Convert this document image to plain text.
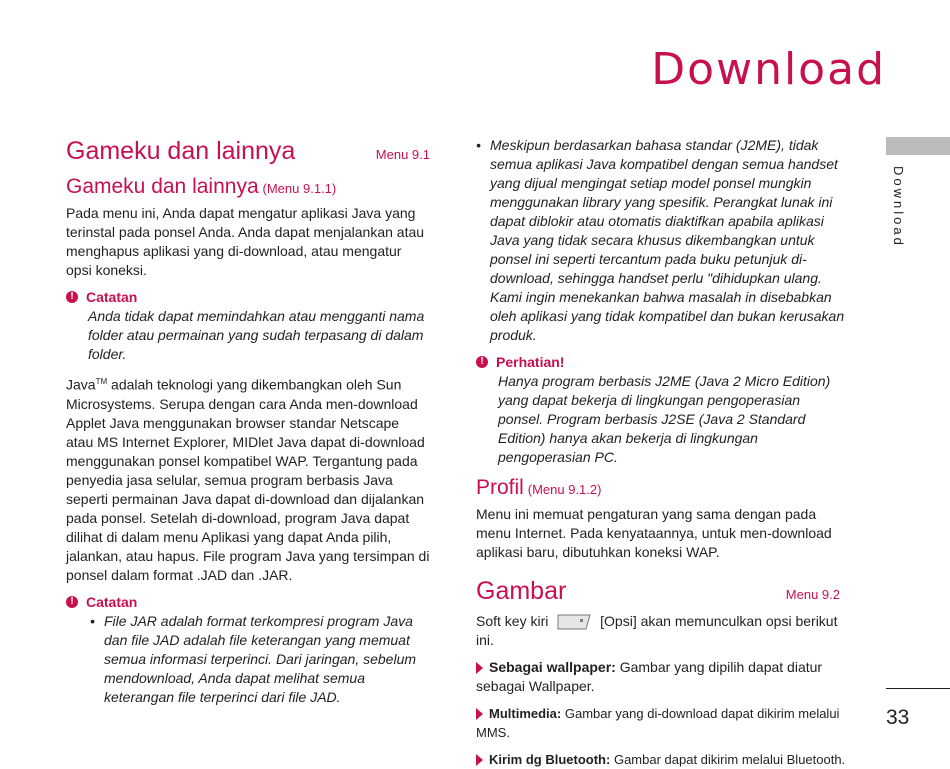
Download
Download
33
Gameku dan lainnya	Menu 9.1
Gameku dan lainnya (Menu 9.1.1)

Pada menu ini, Anda dapat mengatur aplikasi Java yang terinstal pada ponsel Anda. Anda dapat menjalankan atau menghapus aplikasi yang di-download, atau mengatur opsi koneksi.

! Catatan

Anda tidak dapat memindahkan atau mengganti nama folder atau permainan yang sudah terpasang di dalam folder.

Java™ adalah teknologi yang dikembangkan oleh Sun Microsystems. Serupa dengan cara Anda men-download Applet Java menggunakan browser standar Netscape atau MS Internet Explorer, MIDlet Java dapat di-download menggunakan ponsel kompatibel WAP. Tergantung pada penyedia jasa selular, semua program berbasis Java seperti permainan Java dapat di-download dan dijalankan pada ponsel. Setelah di-download, program Java dapat dilihat di dalam menu Aplikasi yang dapat Anda pilih, jalankan, atau hapus. File program Java yang tersimpan di ponsel dalam format .JAD dan .JAR.

! Catatan

• File JAR adalah format terkompresi program Java dan file JAD adalah file keterangan yang memuat semua informasi terperinci. Dari jaringan, sebelum mendownload, Anda dapat melihat semua keterangan file terperinci dari file JAD.

• Meskipun berdasarkan bahasa standar (J2ME), tidak semua aplikasi Java kompatibel dengan semua handset yang dijual mengingat setiap model ponsel mungkin menggunakan library yang spesifik. Perangkat lunak ini dapat diblokir atau otomatis diaktifkan apabila aplikasi Java yang tidak secara khusus dikembangkan untuk ponsel ini seperti tercantum pada buku petunjuk di-download, sehingga handset perlu "dihidupkan ulang. Kami ingin menekankan bahwa masalah in disebabkan oleh aplikasi yang tidak kompatibel dan bukan kerusakan produk.

! Perhatian!

Hanya program berbasis J2ME (Java 2 Micro Edition) yang dapat bekerja di lingkungan pengoperasian ponsel. Program berbasis J2SE (Java 2 Standard Edition) hanya akan bekerja di lingkungan pengoperasian PC.

Profil (Menu 9.1.2)

Menu ini memuat pengaturan yang sama dengan pada menu Internet. Pada kenyataannya, untuk men-download aplikasi baru, dibutuhkan koneksi WAP.

Gambar	Menu 9.2

Soft key kiri	[Opsi] akan memunculkan opsi berikut ini.

Sebagai wallpaper: Gambar yang dipilih dapat diatur sebagai Wallpaper.
Multimedia: Gambar yang di-download dapat dikirim melalui MMS.
Kirim dg Bluetooth: Gambar dapat dikirim melalui Bluetooth.
